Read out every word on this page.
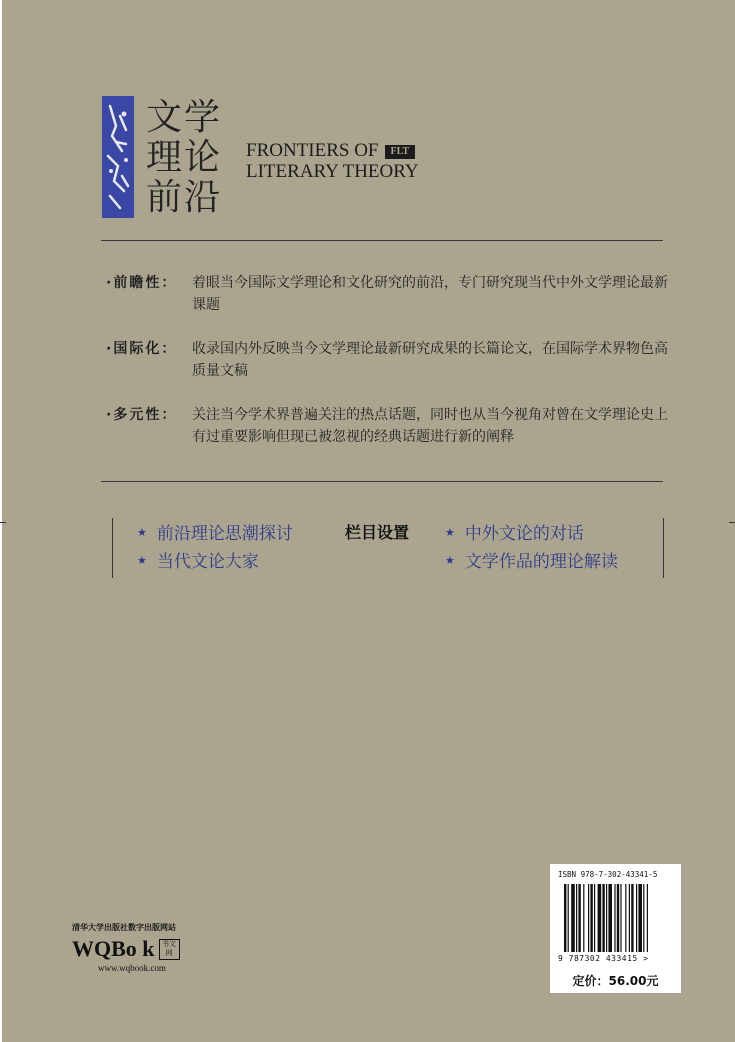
文学
理论
前沿
FRONTIERS OF FLT
LITERARY THEORY
·前瞻性：	着眼当今国际文学理论和文化研究的前沿，专门研究现当代中外文学理论最新课题
·国际化：	收录国内外反映当今文学理论最新研究成果的长篇论文，在国际学术界物色高质量文稿
·多元性：	关注当今学术界普遍关注的热点话题，同时也从当今视角对曾在文学理论史上有过重要影响但现已被忽视的经典话题进行新的阐释
★ 前沿理论思潮探讨
★ 当代文论大家
栏目设置	★ 中外文论的对话
★ 文学作品的理论解读
清华大学出版社数字出版网站
WQBo k	书文网
www.wqbook.com
ISBN 978-7-302-43341-5
9 787302 433415 >
定价：56.00元
